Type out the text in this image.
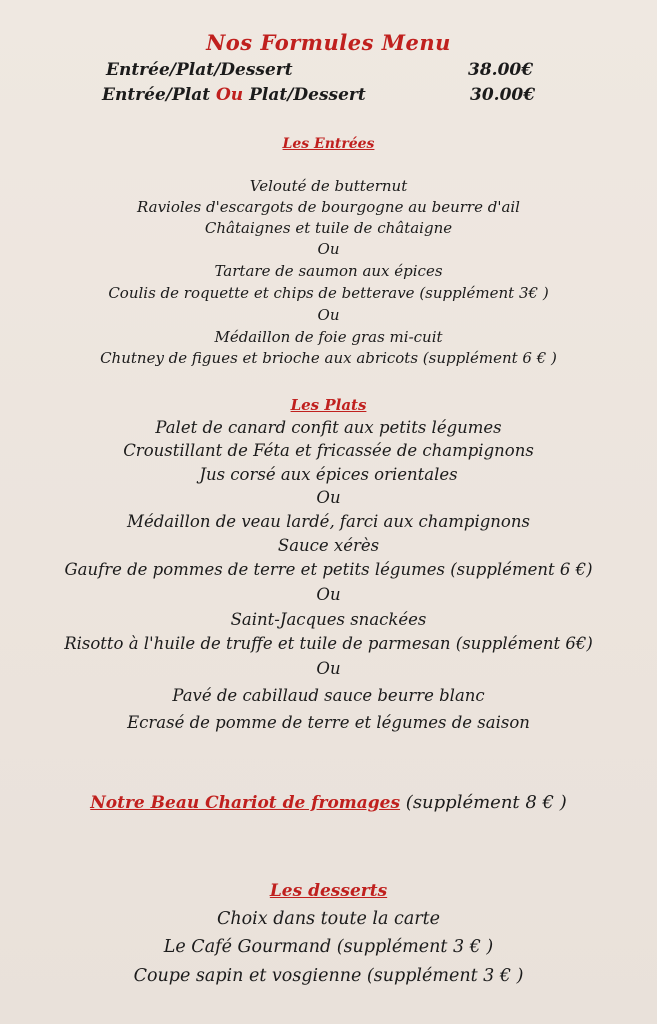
Nos Formules Menu
Entrée/Plat/Dessert	38.00€
Entrée/Plat Ou Plat/Dessert	30.00€
Les Entrées
Velouté de butternut
Ravioles d'escargots de bourgogne au beurre d'ail
Châtaignes et tuile de châtaigne
Ou
Tartare de saumon aux épices
Coulis de roquette et chips de betterave (supplément 3€ )
Ou
Médaillon de foie gras mi-cuit
Chutney de figues et brioche aux abricots (supplément 6 € )
Les Plats
Palet de canard confit aux petits légumes
Croustillant de Féta et fricassée de champignons
Jus corsé aux épices orientales
Ou
Médaillon de veau lardé, farci aux champignons
Sauce xérès
Gaufre de pommes de terre et petits légumes (supplément 6 €)
Ou
Saint-Jacques snackées
Risotto à l'huile de truffe et tuile de parmesan (supplément 6€)
Ou
Pavé de cabillaud sauce beurre blanc
Ecrasé de pomme de terre et légumes de saison
Notre Beau Chariot de fromages (supplément 8 € )
Les desserts
Choix dans toute la carte
Le Café Gourmand (supplément 3 € )
Coupe sapin et vosgienne (supplément 3 € )
